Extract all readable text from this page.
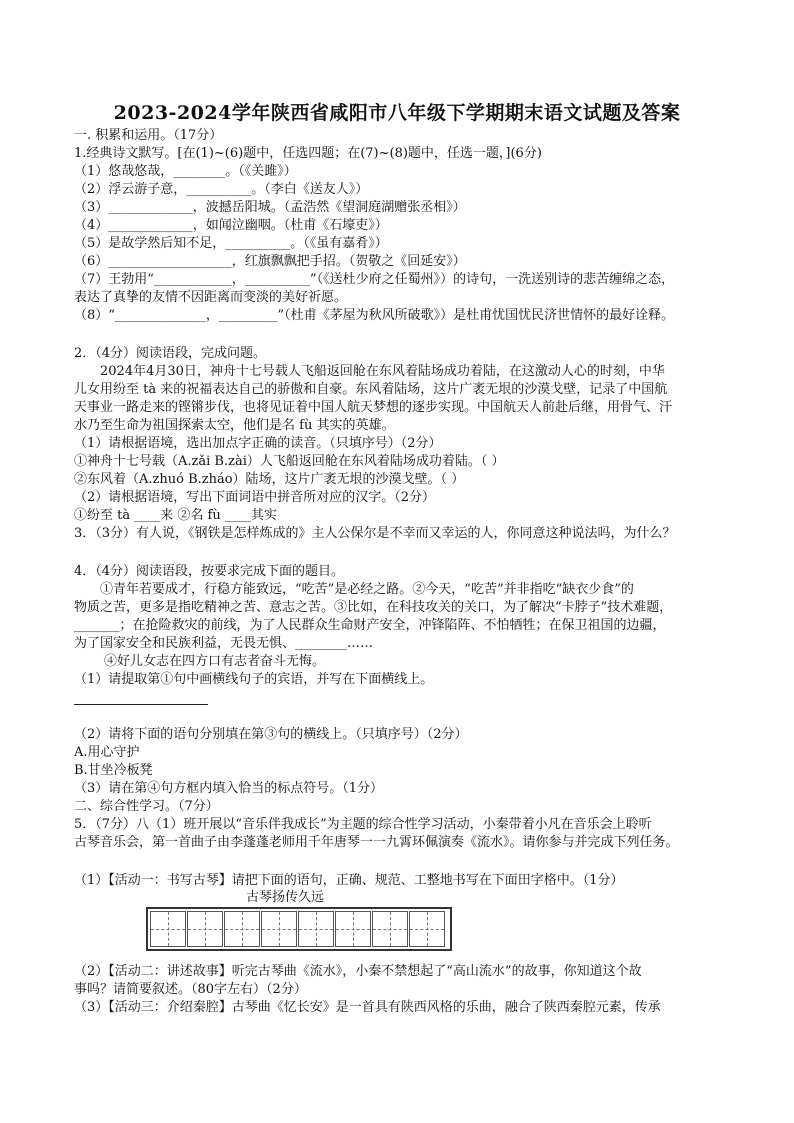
2023-2024学年陕西省咸阳市八年级下学期期末语文试题及答案
一. 积累和运用。（17分）
1.经典诗文默写。[在(1)~(6)题中，任选四题；在(7)~(8)题中，任选一题，](6分)
（1）悠哉悠哉，________。（《关雎》）
（2）浮云游子意，__________。（李白《送友人》）
（3）_____________，波撼岳阳城。（孟浩然《望洞庭湖赠张丞相》）
（4）_____________，如闻泣幽咽。（杜甫《石壕吏》）
（5）是故学然后知不足，__________。（《虽有嘉肴》）
（6）___________________，红旗飘飘把手招。（贺敬之《回延安》）
（7）王勃用“____________，__________”（《送杜少府之任蜀州》）的诗句，一洗送别诗的悲苦缠绵之态，
表达了真挚的友情不因距离而变淡的美好祈愿。
（8）“______________，_________”（杜甫《茅屋为秋风所破歌》）是杜甫忧国忧民济世情怀的最好诠释。
2．（4分）阅读语段，完成问题。
2024年4月30日，神舟十七号载人飞船返回舱在东风着陆场成功着陆，在这激动人心的时刻，中华
儿女用纷至 tà 来的祝福表达自己的骄傲和自豪。东风着陆场，这片广袤无垠的沙漠戈壁，记录了中国航
天事业一路走来的铿锵步伐，也将见证着中国人航天梦想的逐步实现。中国航天人前赴后继，用骨气、汗
水乃至生命为祖国探索太空，他们是名 fù 其实的英雄。
（1）请根据语境，选出加点字正确的读音。（只填序号）（2分）
①神舟十七号载（A.zǎi B.zài）人飞船返回舱在东风着陆场成功着陆。（ ）
②东风着（A.zhuó B.zháo）陆场，这片广袤无垠的沙漠戈壁。（ ）
（2）请根据语境，写出下面词语中拼音所对应的汉字。（2分）
①纷至 tà ____来 ②名 fù ____其实
3．（3分）有人说，《钢铁是怎样炼成的》主人公保尔是不幸而又幸运的人，你同意这种说法吗，为什么？
4．（4分）阅读语段，按要求完成下面的题目。
①青年若要成才，行稳方能致远，“吃苦”是必经之路。②今天，“吃苦”并非指吃“缺衣少食”的
物质之苦，更多是指吃精神之苦、意志之苦。③比如，在科技攻关的关口，为了解决“卡脖子”技术难题，
_______；在抢险救灾的前线，为了人民群众生命财产安全，冲锋陷阵、不怕牺牲；在保卫祖国的边疆，
为了国家安全和民族利益，无畏无惧、________……
④好儿女志在四方口有志者奋斗无悔。
（1）请提取第①句中画横线句子的宾语，并写在下面横线上。
（2）请将下面的语句分别填在第③句的横线上。（只填序号）（2分）
A.用心守护
B.甘坐冷板凳
（3）请在第④句方框内填入恰当的标点符号。（1分）
二、综合性学习。（7分）
5．（7分）八（1）班开展以“音乐伴我成长”为主题的综合性学习活动，小秦带着小凡在音乐会上聆听
古琴音乐会，第一首曲子由李蓬蓬老师用千年唐琴一一九霄环佩演奏《流水》。请你参与并完成下列任务。
（1）【活动一：书写古琴】请把下面的语句，正确、规范、工整地书写在下面田字格中。（1分）
古琴扬传久远
（2）【活动二：讲述故事】听完古琴曲《流水》，小秦不禁想起了“高山流水”的故事，你知道这个故
事吗？请简要叙述。（80字左右）（2分）
（3）【活动三：介绍秦腔】古琴曲《忆长安》是一首具有陕西风格的乐曲，融合了陕西秦腔元素，传承
